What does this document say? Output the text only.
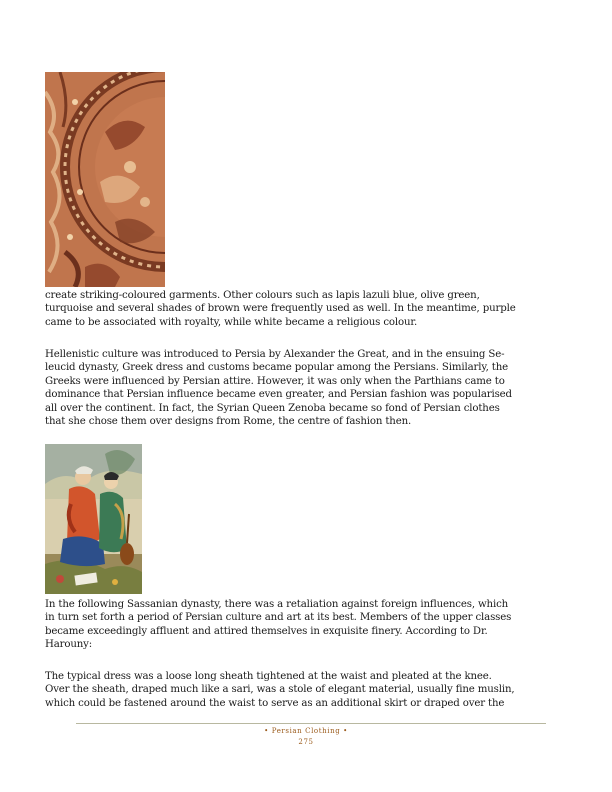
create striking-coloured garments. Other colours such as lapis lazuli blue, olive green,
turquoise and several shades of brown were frequently used as well. In the meantime, purple
came to be associated with royalty, while white became a religious colour.

Hellenistic culture was introduced to Persia by Alexander the Great, and in the ensuing Se-
leucid dynasty, Greek dress and customs became popular among the Persians. Similarly, the
Greeks were influenced by Persian attire. However, it was only when the Parthians came to
dominance that Persian influence became even greater, and Persian fashion was popularised
all over the continent. In fact, the Syrian Queen Zenoba became so fond of Persian clothes
that she chose them over designs from Rome, the centre of fashion then.

In the following Sassanian dynasty, there was a retaliation against foreign influences, which
in turn set forth a period of Persian culture and art at its best. Members of the upper classes
became exceedingly affluent and attired themselves in exquisite finery. According to Dr.
Harouny:

The typical dress was a loose long sheath tightened at the waist and pleated at the knee.
Over the sheath, draped much like a sari, was a stole of elegant material, usually fine muslin,
which could be fastened around the waist to serve as an additional skirt or draped over the

• Persian Clothing •
275
